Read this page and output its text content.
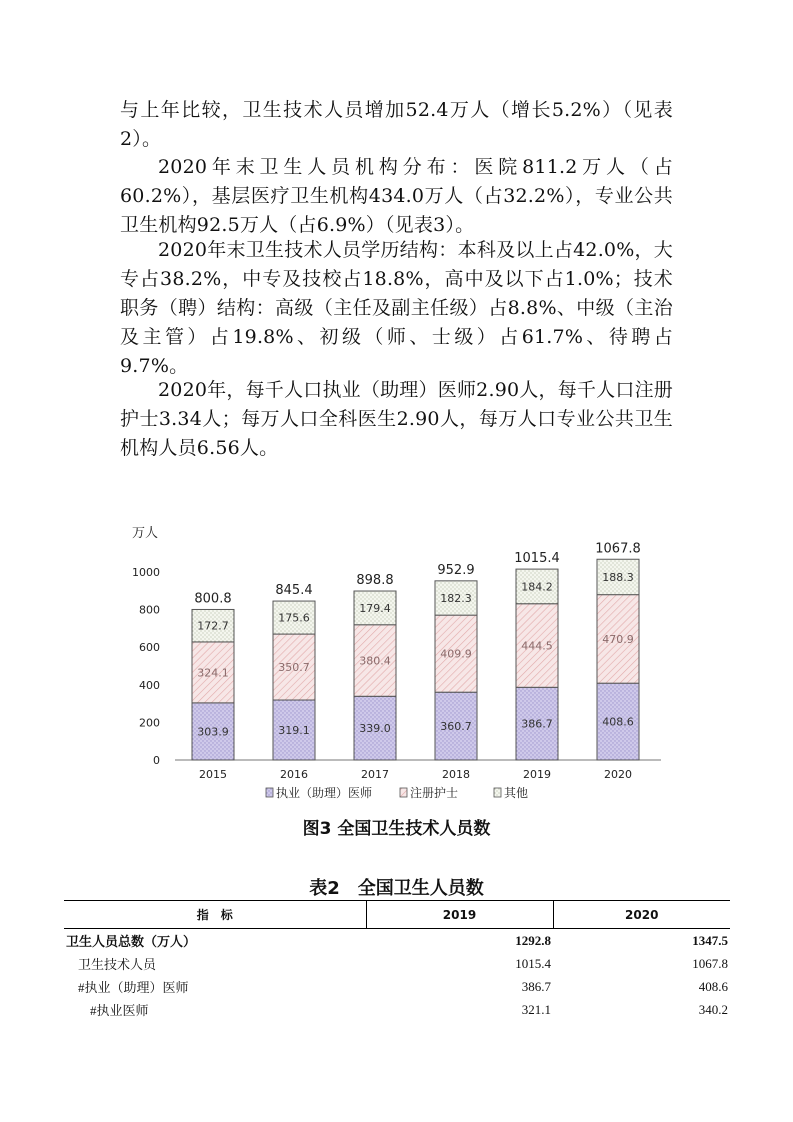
与上年比较，卫生技术人员增加52.4万人（增长5.2%）（见表2）。

2020年末卫生人员机构分布：医院811.2万人（占60.2%），基层医疗卫生机构434.0万人（占32.2%），专业公共卫生机构92.5万人（占6.9%）（见表3）。

2020年末卫生技术人员学历结构：本科及以上占42.0%，大专占38.2%，中专及技校占18.8%，高中及以下占1.0%；技术职务（聘）结构：高级（主任及副主任级）占8.8%、中级（主治及主管）占19.8%、初级（师、士级）占61.7%、待聘占9.7%。

2020年，每千人口执业（助理）医师2.90人，每千人口注册护士3.34人；每万人口全科医生2.90人，每万人口专业公共卫生机构人员6.56人。

万人
0
200
400
600
800
1000
303.9
324.1
172.7
800.8
319.1
350.7
175.6
845.4
339.0
380.4
179.4
898.8
360.7
409.9
182.3
952.9
386.7
444.5
184.2
1015.4
408.6
470.9
188.3
1067.8
2015	2016	2017	2018	2019	2020
执业（助理）医师	注册护士	其他
图3 全国卫生技术人员数
表2　全国卫生人员数
指　标	2019	2020
卫生人员总数（万人）	1292.8	1347.5
卫生技术人员	1015.4	1067.8
#执业（助理）医师	386.7	408.6
#执业医师	321.1	340.2
